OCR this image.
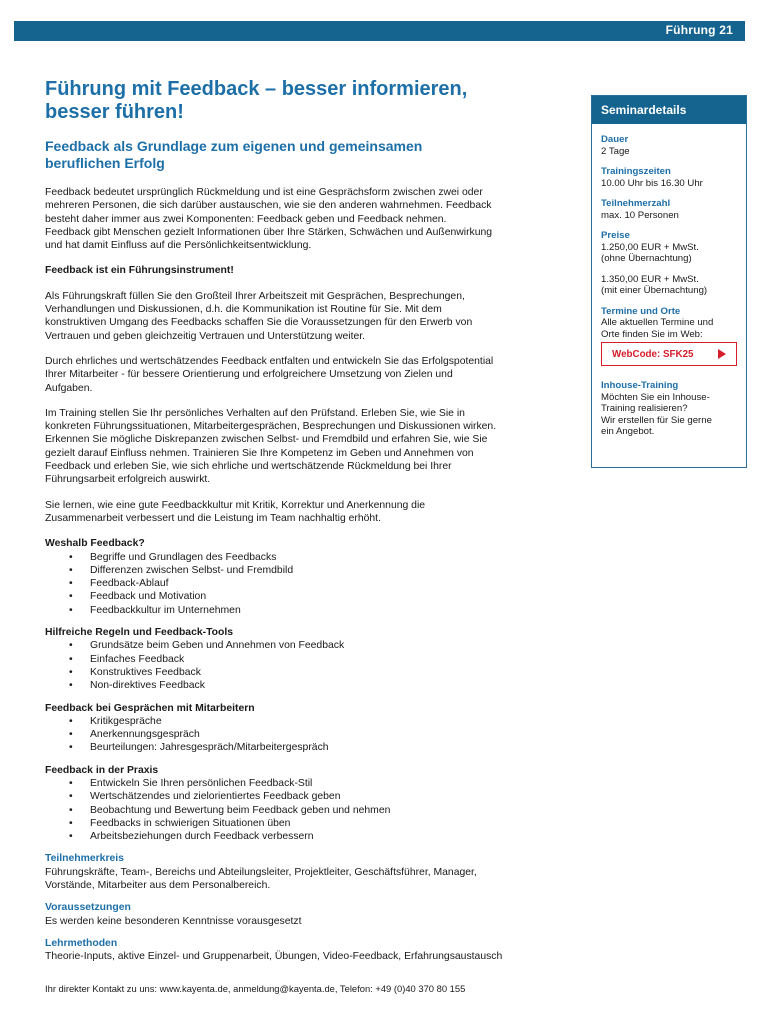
Führung 21
Führung mit Feedback – besser informieren,
besser führen!
Feedback als Grundlage zum eigenen und gemeinsamen
beruflichen Erfolg
Feedback bedeutet ursprünglich Rückmeldung und ist eine Gesprächsform zwischen zwei oder
mehreren Personen, die sich darüber austauschen, wie sie den anderen wahrnehmen. Feedback
besteht daher immer aus zwei Komponenten: Feedback geben und Feedback nehmen.
Feedback gibt Menschen gezielt Informationen über Ihre Stärken, Schwächen und Außenwirkung
und hat damit Einfluss auf die Persönlichkeitsentwicklung.
Feedback ist ein Führungsinstrument!
Als Führungskraft füllen Sie den Großteil Ihrer Arbeitszeit mit Gesprächen, Besprechungen,
Verhandlungen und Diskussionen, d.h. die Kommunikation ist Routine für Sie. Mit dem
konstruktiven Umgang des Feedbacks schaffen Sie die Voraussetzungen für den Erwerb von
Vertrauen und geben gleichzeitig Vertrauen und Unterstützung weiter.
Durch ehrliches und wertschätzendes Feedback entfalten und entwickeln Sie das Erfolgspotential
Ihrer Mitarbeiter - für bessere Orientierung und erfolgreichere Umsetzung von Zielen und
Aufgaben.
Im Training stellen Sie Ihr persönliches Verhalten auf den Prüfstand. Erleben Sie, wie Sie in
konkreten Führungssituationen, Mitarbeitergesprächen, Besprechungen und Diskussionen wirken.
Erkennen Sie mögliche Diskrepanzen zwischen Selbst- und Fremdbild und erfahren Sie, wie Sie
gezielt darauf Einfluss nehmen. Trainieren Sie Ihre Kompetenz im Geben und Annehmen von
Feedback und erleben Sie, wie sich ehrliche und wertschätzende Rückmeldung bei Ihrer
Führungsarbeit erfolgreich auswirkt.
Sie lernen, wie eine gute Feedbackkultur mit Kritik, Korrektur und Anerkennung die
Zusammenarbeit verbessert und die Leistung im Team nachhaltig erhöht.
Weshalb Feedback?
• Begriffe und Grundlagen des Feedbacks
• Differenzen zwischen Selbst- und Fremdbild
• Feedback-Ablauf
• Feedback und Motivation
• Feedbackkultur im Unternehmen
Hilfreiche Regeln und Feedback-Tools
• Grundsätze beim Geben und Annehmen von Feedback
• Einfaches Feedback
• Konstruktives Feedback
• Non-direktives Feedback
Feedback bei Gesprächen mit Mitarbeitern
• Kritikgespräche
• Anerkennungsgespräch
• Beurteilungen: Jahresgespräch/Mitarbeitergespräch
Feedback in der Praxis
• Entwickeln Sie Ihren persönlichen Feedback-Stil
• Wertschätzendes und zielorientiertes Feedback geben
• Beobachtung und Bewertung beim Feedback geben und nehmen
• Feedbacks in schwierigen Situationen üben
• Arbeitsbeziehungen durch Feedback verbessern
Teilnehmerkreis
Führungskräfte, Team-, Bereichs und Abteilungsleiter, Projektleiter, Geschäftsführer, Manager,
Vorstände, Mitarbeiter aus dem Personalbereich.
Voraussetzungen
Es werden keine besonderen Kenntnisse vorausgesetzt
Lehrmethoden
Theorie-Inputs, aktive Einzel- und Gruppenarbeit, Übungen, Video-Feedback, Erfahrungsaustausch
Ihr direkter Kontakt zu uns: www.kayenta.de, anmeldung@kayenta.de, Telefon: +49 (0)40 370 80 155
Seminardetails
Dauer
2 Tage
Trainingszeiten
10.00 Uhr bis 16.30 Uhr
Teilnehmerzahl
max. 10 Personen
Preise
1.250,00 EUR + MwSt.
(ohne Übernachtung)
1.350,00 EUR + MwSt.
(mit einer Übernachtung)
Termine und Orte
Alle aktuellen Termine und
Orte finden Sie im Web:
WebCode: SFK25
Inhouse-Training
Möchten Sie ein Inhouse-
Training realisieren?
Wir erstellen für Sie gerne
ein Angebot.
